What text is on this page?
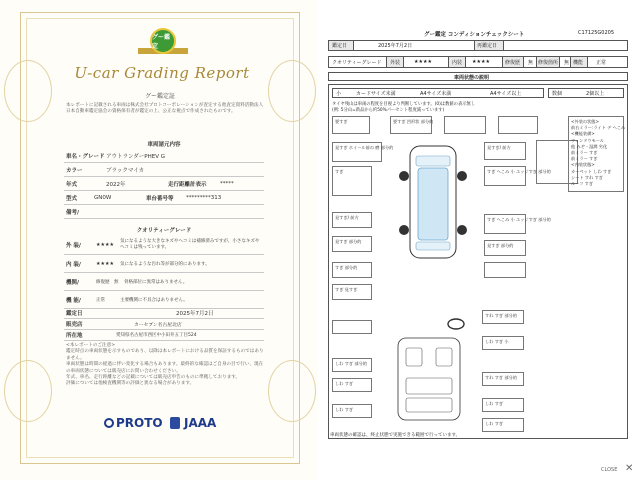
グー鑑定
U-car Grading Report
グー鑑定証
本レポートに記載される車両は株式会社プロトコーポレーションが査定する他査定資料活動法人日本自動車鑑定協会の資格保有者が鑑定の上、公正な視点で作成されたものです。
車両諸元内容
車名・グレード アウトランダーPHEV G
カラー	ブラックマイカ
年式	2022年	走行距離計表示	*****
型式	GN0W	車台番号等	*********313
備考/
クオリティーグレード
外 装/	★★★★
気になるような大きなキズやヘコミは補修済みですが、小さなキズやヘコミは残っています。
内 装/	★★★★	気になるような汚れ等が部分的にあります。
機関/	修復歴	無	骨格部位に異常はありません。
機 能/	正常	主要機関に不具合はありません。
鑑定日	2025年7月2日
販売店	カーセブン名古屋北店
所在地	愛知県名古屋市西区中小田井五丁目524
<本レポートのご注意>
鑑定時点の車両状態を示すものであり、以降は本レポートにおける品質を保証するものではありません。
車両状態は時間の経過に伴い変化する場合もあります。最終的な確認はご自身の目で行い、現在の車両状態については販売店にお問い合わせください。
年式、車名、走行距離などの記載については販売店申告のものに準拠しております。
評価については他検査機関等の評価と異なる場合があります。
PROTO JAAA
グー鑑定 コンディションチェックシート	C17125G0205
鑑定日	2025年7月2日	再鑑定日
クオリティーグレード 外装	★★★★	内装 ★★★★	修復歴 無 修復箇所 無 機能	正常
車両状態の説明
小	カードサイズ未満	A4サイズ未満	A4サイズ以上	数個	2個以上
タイヤ残山は車両の程度を目視より判断しています。(0)は数値の表示無し
(例: 5分山=新品から約50%パーセント程度減っています)
要すぎ	要すぎ 凹形状 部分的
見すぎ ホイール前の 磨 部分的
すぎ
見すぎ/ 前方
見すぎ 部分的
すぎ 部分的
すぎ 見すぎ
見すぎ/ 前方
すぎ へこみ 小 エッジすぎ 部分的
すぎ へこみ 小 エッジすぎ 部分的
見すぎ 部分的
<外装の状態>
前右ミラー:ライト デ へこみ
<機能装備>
ウィンドウモール
他 みぞ・湿潤 劣化
前ミラー すぎ
前ミラー すぎ
<内装状態>
カーペット しわ すぎ
シート すれ すぎ
ルーフ すぎ
しわ すぎ 部分的
しわ すぎ
しわ すぎ
すれ すぎ 部分的
しわ すぎ 小
すれ すぎ 部分的
しわ すぎ
しわ すぎ
車両状態の確認は、終止状態で実施できる範囲で行っています。
CLOSE ✕
